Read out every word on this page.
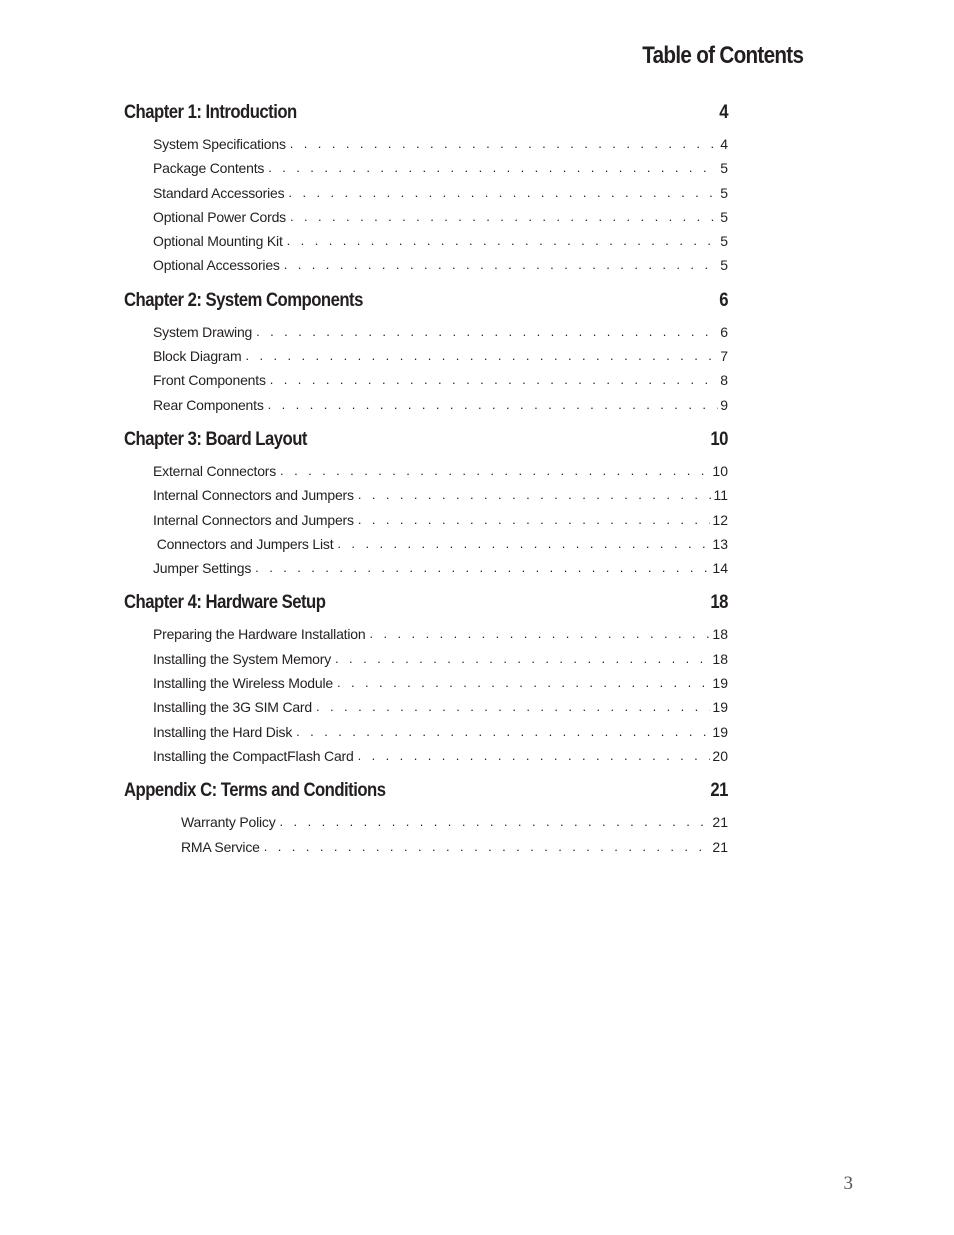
Table of Contents
Chapter 1: Introduction	4
System Specifications . . .	4
Package Contents . . .	5
Standard Accessories . . .	5
Optional Power Cords . . .	5
Optional Mounting Kit . . .	5
Optional Accessories . . .	5
Chapter 2: System Components	6
System Drawing . . .	6
Block Diagram . . .	7
Front Components . . .	8
Rear Components . . .	9
Chapter 3: Board Layout	10
External Connectors . . .	10
Internal Connectors and Jumpers . . .	11
Internal Connectors and Jumpers . . .	12
Connectors and Jumpers List . . .	13
Jumper Settings . . .	14
Chapter 4: Hardware Setup	18
Preparing the Hardware Installation . . .	18
Installing the System Memory . . .	18
Installing the Wireless Module . . .	19
Installing the 3G SIM Card . . .	19
Installing the Hard Disk . . .	19
Installing the CompactFlash Card . . .	20
Appendix C: Terms and Conditions	21
Warranty Policy . . .	21
RMA Service . . .	21
3
